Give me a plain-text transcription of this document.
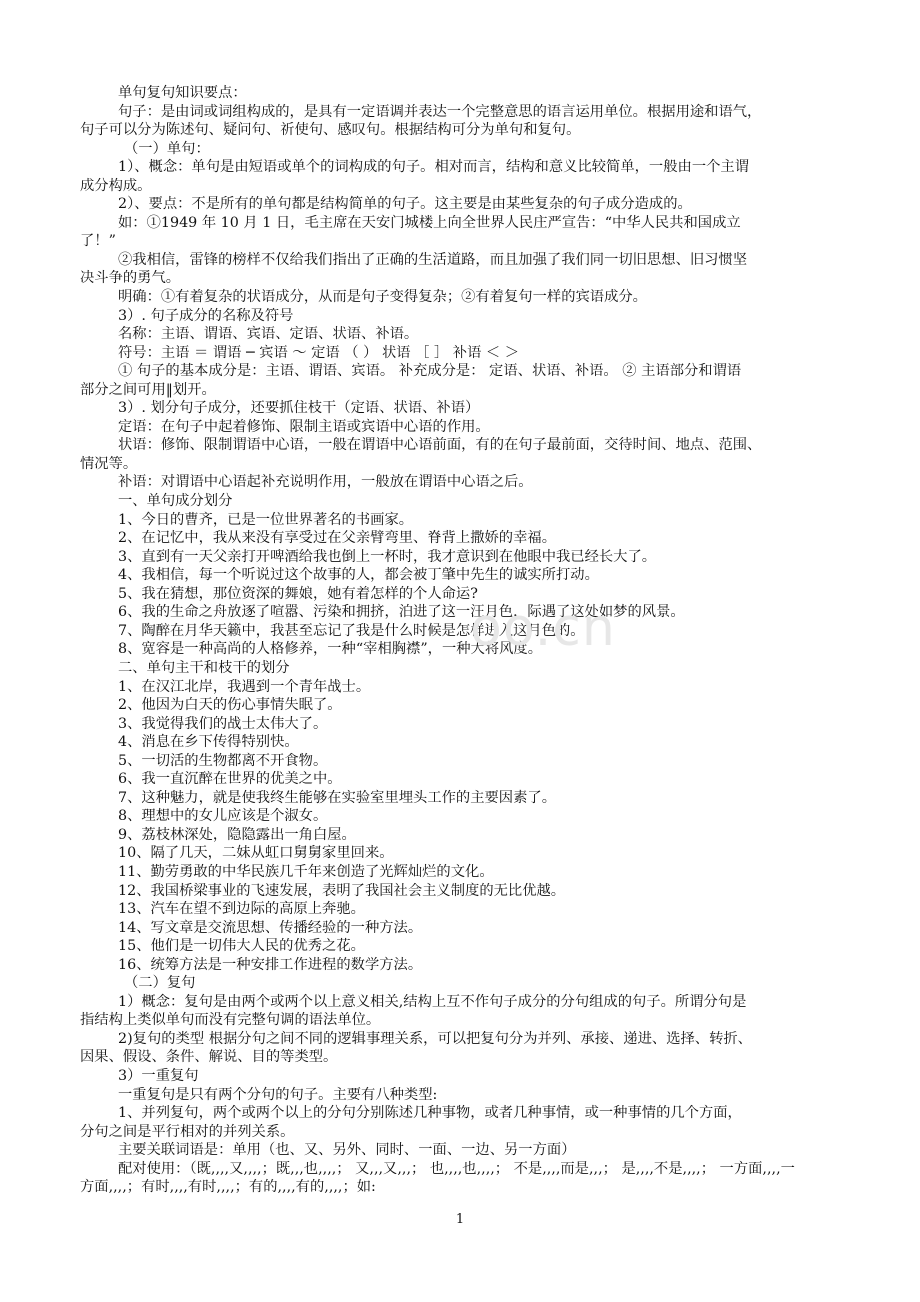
单句复句知识要点：
句子：是由词或词组构成的，是具有一定语调并表达一个完整意思的语言运用单位。根据用途和语气，
句子可以分为陈述句、疑问句、祈使句、感叹句。根据结构可分为单句和复句。
（一）单句：
1）、概念：单句是由短语或单个的词构成的句子。相对而言，结构和意义比较简单，一般由一个主谓
成分构成。
2）、要点：不是所有的单句都是结构简单的句子。这主要是由某些复杂的句子成分造成的。
如：①1949 年 10 月 1 日，毛主席在天安门城楼上向全世界人民庄严宣告：“中华人民共和国成立
了！”
②我相信，雷锋的榜样不仅给我们指出了正确的生活道路，而且加强了我们同一切旧思想、旧习惯坚
决斗争的勇气。
明确：①有着复杂的状语成分，从而是句子变得复杂；②有着复句一样的宾语成分。
3）. 句子成分的名称及符号
名称：主语、谓语、宾语、定语、状语、补语。
符号：主语 ＝ 谓语 ─ 宾语 ～ 定语 （ ） 状语 ［ ］ 补语 ＜ ＞
① 句子的基本成分是：主语、谓语、宾语。 补充成分是： 定语、状语、补语。 ② 主语部分和谓语
部分之间可用‖划开。
3）. 划分句子成分，还要抓住枝干（定语、状语、补语）
定语：在句子中起着修饰、限制主语或宾语中心语的作用。
状语：修饰、限制谓语中心语，一般在谓语中心语前面，有的在句子最前面，交待时间、地点、范围、
情况等。
补语：对谓语中心语起补充说明作用，一般放在谓语中心语之后。
一、单句成分划分
1、今日的曹齐，已是一位世界著名的书画家。
2、在记忆中，我从来没有享受过在父亲臂弯里、脊背上撒娇的幸福。
3、直到有一天父亲打开啤酒给我也倒上一杯时，我才意识到在他眼中我已经长大了。
4、我相信，每一个听说过这个故事的人，都会被丁肇中先生的诚实所打动。
5、我在猜想，那位资深的舞娘，她有着怎样的个人命运?
6、我的生命之舟放逐了喧嚣、污染和拥挤，泊进了这一汪月色，际遇了这处如梦的风景。
7、陶醉在月华天籁中，我甚至忘记了我是什么时候是怎样进入这月色的。
8、宽容是一种高尚的人格修养，一种“宰相胸襟”，一种大将风度。
二、单句主干和枝干的划分
1、在汉江北岸，我遇到一个青年战士。
2、他因为白天的伤心事情失眠了。
3、我觉得我们的战士太伟大了。
4、消息在乡下传得特别快。
5、一切活的生物都离不开食物。
6、我一直沉醉在世界的优美之中。
7、这种魅力，就是使我终生能够在实验室里埋头工作的主要因素了。
8、理想中的女儿应该是个淑女。
9、荔枝林深处，隐隐露出一角白屋。
10、隔了几天，二妹从虹口舅舅家里回来。
11、勤劳勇敢的中华民族几千年来创造了光辉灿烂的文化。
12、我国桥梁事业的飞速发展，表明了我国社会主义制度的无比优越。
13、汽车在望不到边际的高原上奔驰。
14、写文章是交流思想、传播经验的一种方法。
15、他们是一切伟大人民的优秀之花。
16、统筹方法是一种安排工作进程的数学方法。
（二）复句
1）概念：复句是由两个或两个以上意义相关,结构上互不作句子成分的分句组成的句子。所谓分句是
指结构上类似单句而没有完整句调的语法单位。
2)复句的类型 根据分句之间不同的逻辑事理关系，可以把复句分为并列、承接、递进、选择、转折、
因果、假设、条件、解说、目的等类型。
3）一重复句
一重复句是只有两个分句的句子。主要有八种类型:
1、并列复句，两个或两个以上的分句分别陈述几种事物，或者几种事情，或一种事情的几个方面，
分句之间是平行相对的并列关系。
主要关联词语是：单用（也、又、另外、同时、一面、一边、另一方面）
配对使用：（既,,,,又,,,,；既,,,也,,,,； 又,,,又,,,； 也,,,,也,,,,； 不是,,,,而是,,,； 是,,,,不是,,,,； 一方面,,,,一
方面,,,,；有时,,,,有时,,,,；有的,,,,有的,,,,；如:
oo.cn
1
